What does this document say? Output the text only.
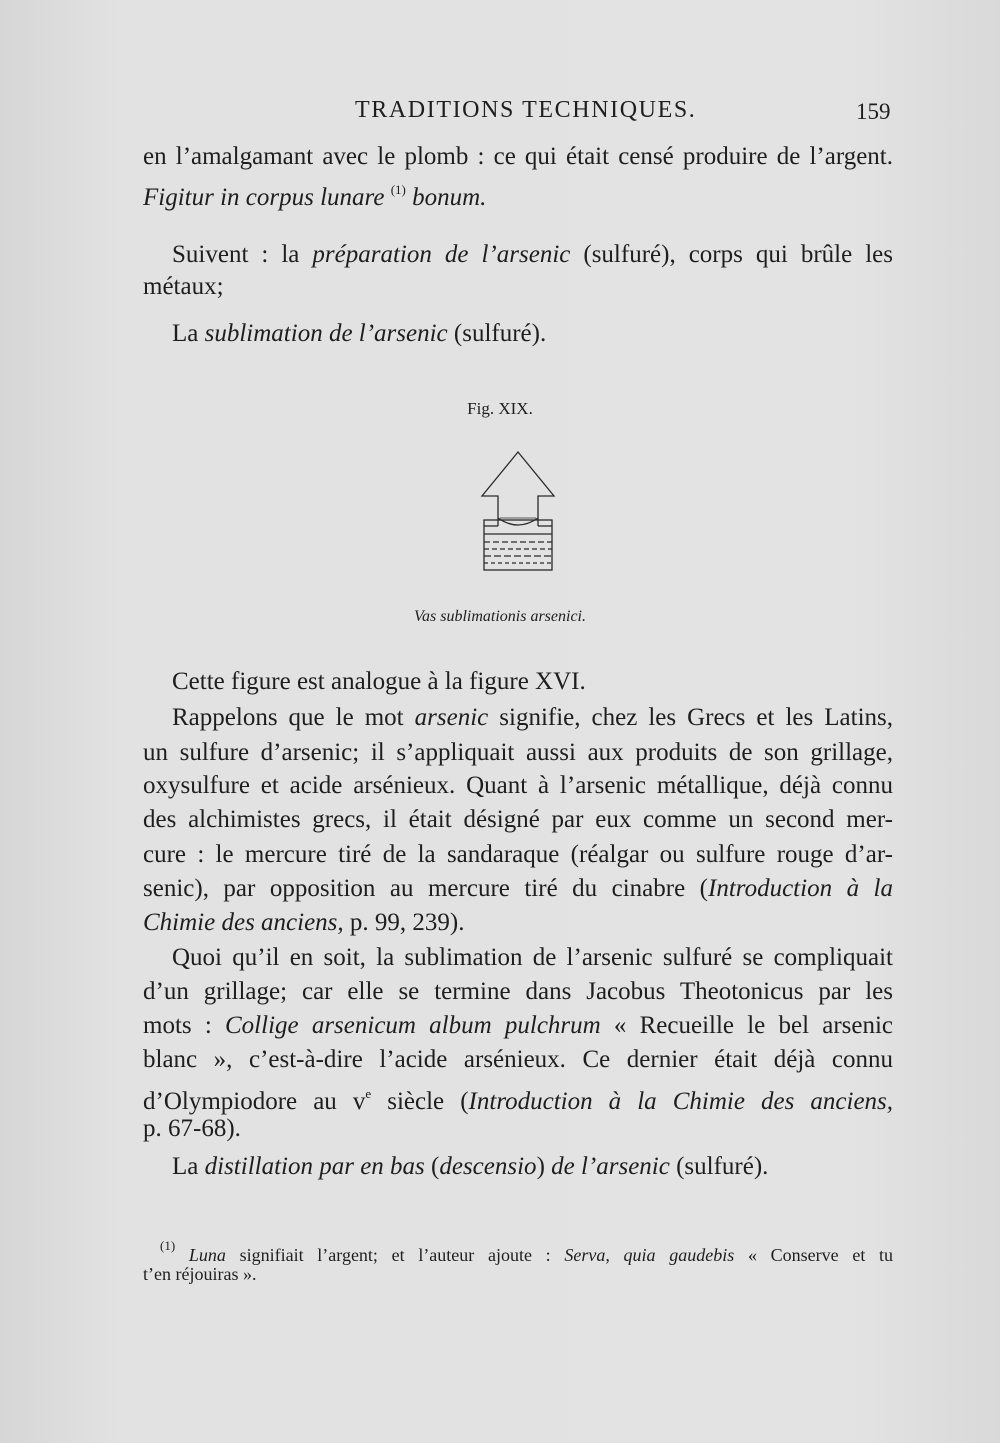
TRADITIONS TECHNIQUES.	159
en l’amalgamant avec le plomb : ce qui était censé produire de l’argent.
Figitur in corpus lunare $^{(1)}$ bonum.
Suivent : la préparation de l’arsenic (sulfuré), corps qui brûle les
métaux;
La sublimation de l’arsenic (sulfuré).
Fig. XIX.
Vas sublimationis arsenici.
Cette figure est analogue à la figure XVI.
Rappelons que le mot arsenic signifie, chez les Grecs et les Latins,
un sulfure d’arsenic; il s’appliquait aussi aux produits de son grillage,
oxysulfure et acide arsénieux. Quant à l’arsenic métallique, déjà connu
des alchimistes grecs, il était désigné par eux comme un second mer-
cure : le mercure tiré de la sandaraque (réalgar ou sulfure rouge d’ar-
senic), par opposition au mercure tiré du cinabre (Introduction à la
Chimie des anciens, p. 99, 239).
Quoi qu’il en soit, la sublimation de l’arsenic sulfuré se compliquait
d’un grillage; car elle se termine dans Jacobus Theotonicus par les
mots : Collige arsenicum album pulchrum « Recueille le bel arsenic
blanc », c’est-à-dire l’acide arsénieux. Ce dernier était déjà connu
d’Olympiodore au $v^e$ siècle (Introduction à la Chimie des anciens,
p. 67-68).
La distillation par en bas (descensio) de l’arsenic (sulfuré).
$^{(1)}$ Luna signifiait l’argent; et l’auteur ajoute : Serva, quia gaudebis « Conserve et tu
t’en réjouiras ».
